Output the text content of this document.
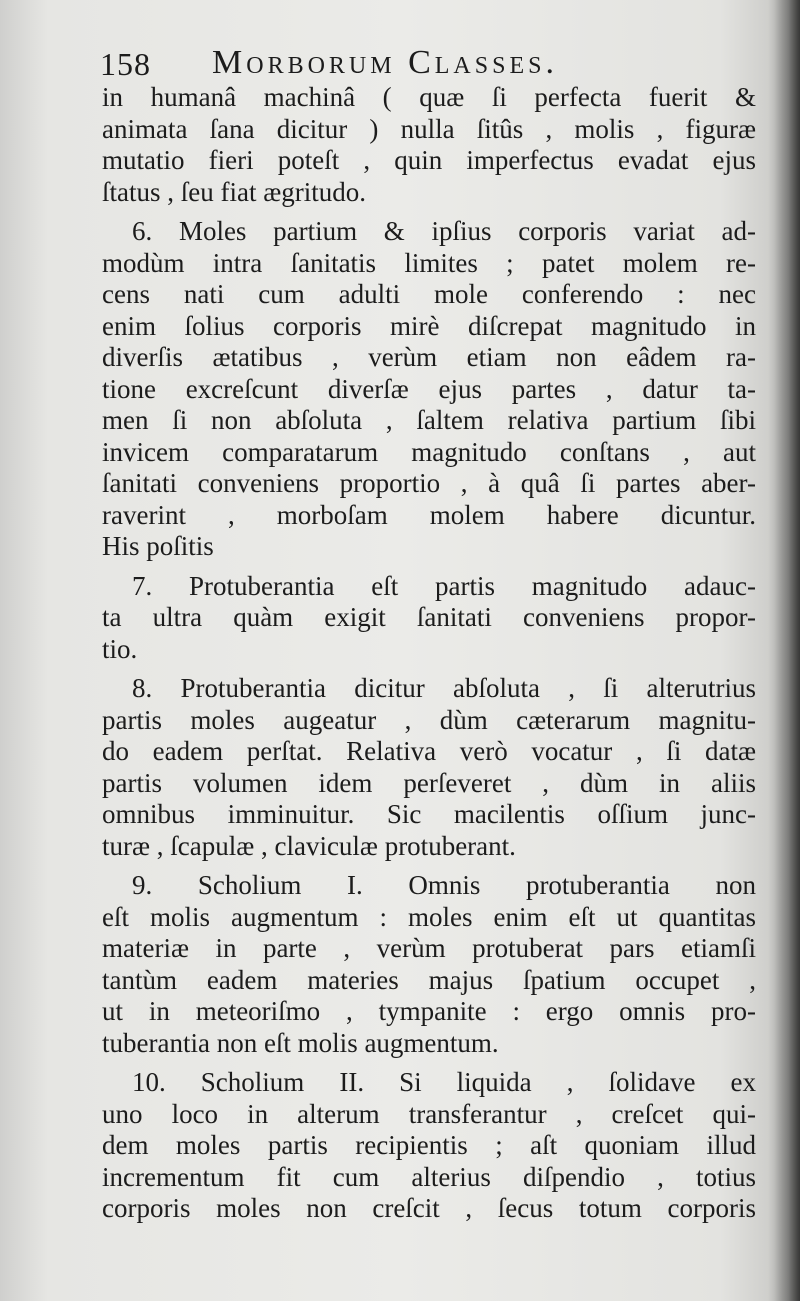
158 Morborum Classes.
in humanâ machinâ ( quæ ſi perfecta fuerit &
animata ſana dicitur ) nulla ſitûs , molis , figuræ
mutatio fieri poteſt , quin imperfectus evadat ejus
ſtatus , ſeu fiat ægritudo.
6. Moles partium & ipſius corporis variat ad-
modùm intra ſanitatis limites ; patet molem re-
cens nati cum adulti mole conferendo : nec
enim ſolius corporis mirè diſcrepat magnitudo in
diverſis ætatibus , verùm etiam non eâdem ra-
tione excreſcunt diverſæ ejus partes , datur ta-
men ſi non abſoluta , ſaltem relativa partium ſibi
invicem comparatarum magnitudo conſtans , aut
ſanitati conveniens proportio , à quâ ſi partes aber-
raverint , morboſam molem habere dicuntur.
His poſitis
7. Protuberantia eſt partis magnitudo adauc-
ta ultra quàm exigit ſanitati conveniens propor-
tio.
8. Protuberantia dicitur abſoluta , ſi alterutrius
partis moles augeatur , dùm cæterarum magnitu-
do eadem perſtat. Relativa verò vocatur , ſi datæ
partis volumen idem perſeveret , dùm in aliis
omnibus imminuitur. Sic macilentis oſſium junc-
turæ , ſcapulæ , claviculæ protuberant.
9. Scholium I. Omnis protuberantia non
eſt molis augmentum : moles enim eſt ut quantitas
materiæ in parte , verùm protuberat pars etiamſi
tantùm eadem materies majus ſpatium occupet ,
ut in meteoriſmo , tympanite : ergo omnis pro-
tuberantia non eſt molis augmentum.
10. Scholium II. Si liquida , ſolidave ex
uno loco in alterum transferantur , creſcet qui-
dem moles partis recipientis ; aſt quoniam illud
incrementum fit cum alterius diſpendio , totius
corporis moles non creſcit , ſecus totum corporis
